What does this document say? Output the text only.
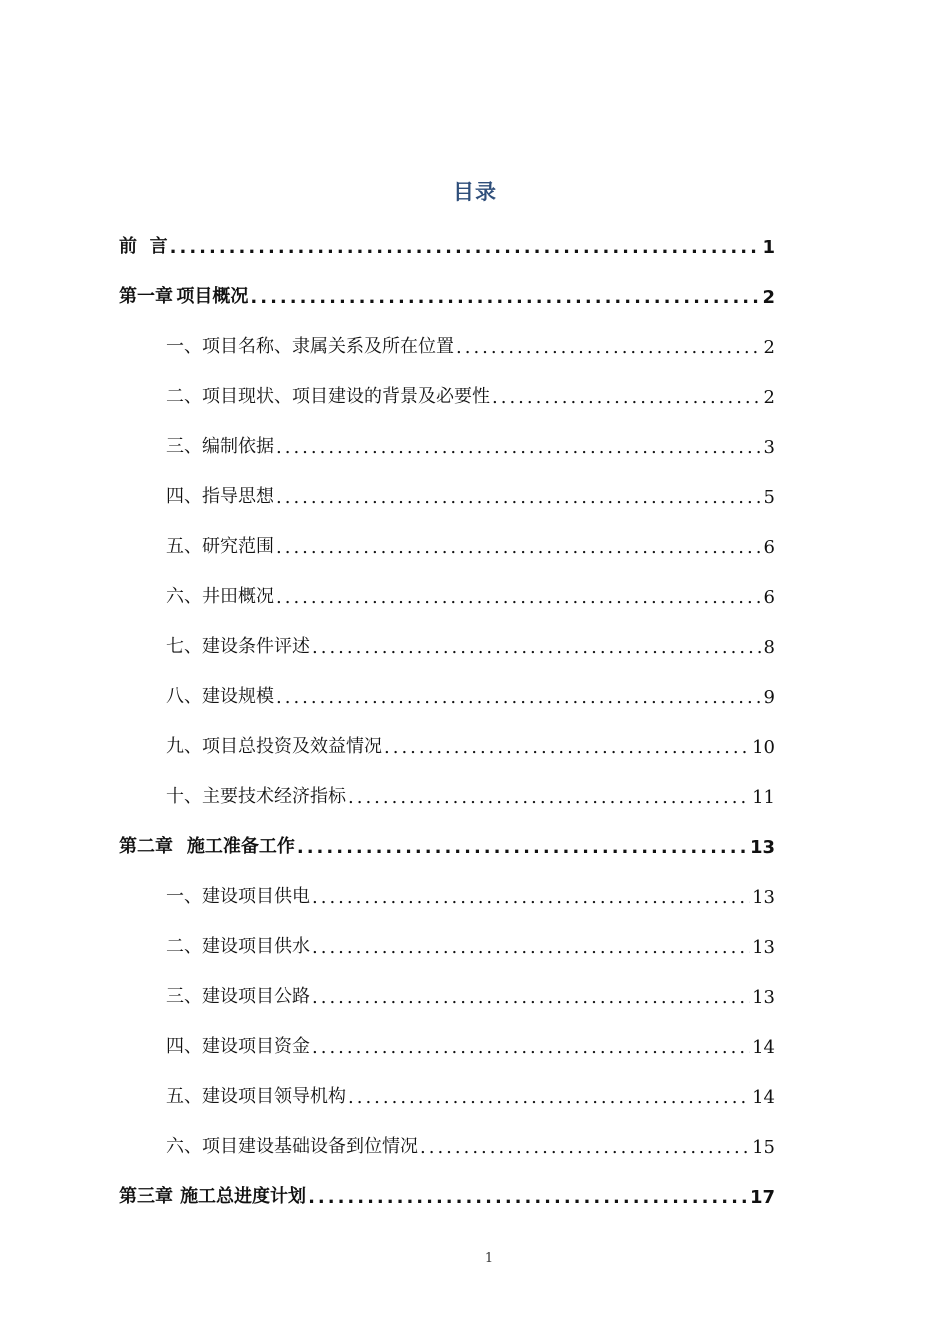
目录
前 言 .....	1
第一章 项目概况 .....	2
一、项目名称、隶属关系及所在位置 .....	2
二、项目现状、项目建设的背景及必要性 .....	2
三、编制依据 .....	3
四、指导思想 .....	5
五、研究范围 .....	6
六、井田概况 .....	6
七、建设条件评述 .....	8
八、建设规模 .....	9
九、项目总投资及效益情况 .....	10
十、主要技术经济指标 .....	11
第二章 施工准备工作 .....	13
一、建设项目供电 .....	13
二、建设项目供水 .....	13
三、建设项目公路 .....	13
四、建设项目资金 .....	14
五、建设项目领导机构 .....	14
六、项目建设基础设备到位情况 .....	15
第三章 施工总进度计划 .....	17
1
